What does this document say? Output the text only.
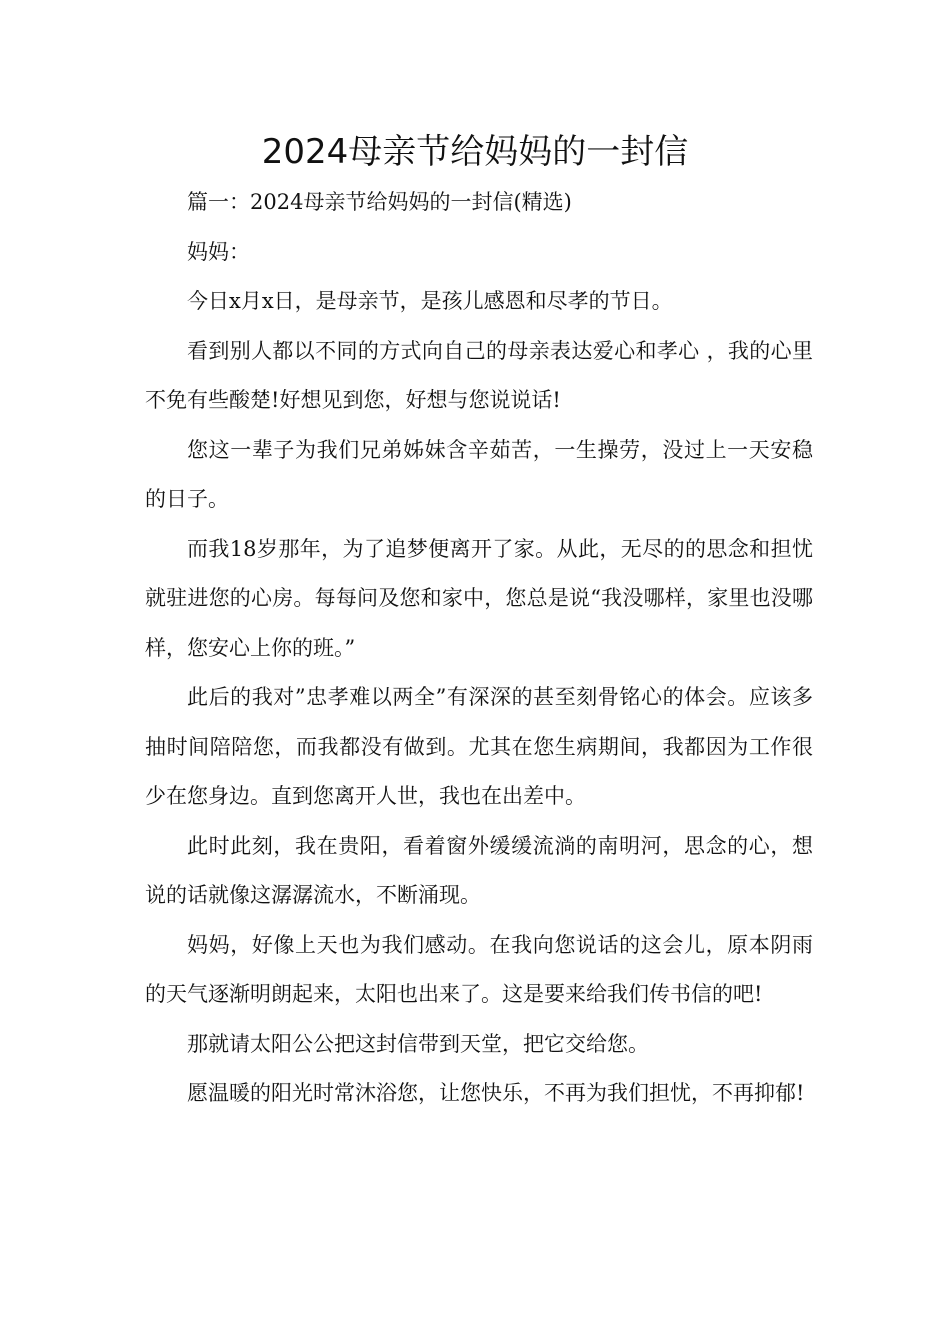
2024母亲节给妈妈的一封信

篇一：2024母亲节给妈妈的一封信(精选)

妈妈：

今日x月x日，是母亲节，是孩儿感恩和尽孝的节日。

看到别人都以不同的方式向自己的母亲表达爱心和孝心 ，我的心里不免有些酸楚!好想见到您，好想与您说说话!

您这一辈子为我们兄弟姊妹含辛茹苦，一生操劳，没过上一天安稳的日子。

而我18岁那年，为了追梦便离开了家。从此，无尽的的思念和担忧就驻进您的心房。每每问及您和家中，您总是说“我没哪样，家里也没哪样，您安心上你的班。”

此后的我对”忠孝难以两全”有深深的甚至刻骨铭心的体会。应该多抽时间陪陪您，而我都没有做到。尤其在您生病期间，我都因为工作很少在您身边。直到您离开人世，我也在出差中。

此时此刻，我在贵阳，看着窗外缓缓流淌的南明河，思念的心，想说的话就像这潺潺流水，不断涌现。

妈妈，好像上天也为我们感动。在我向您说话的这会儿，原本阴雨的天气逐渐明朗起来，太阳也出来了。这是要来给我们传书信的吧!

那就请太阳公公把这封信带到天堂，把它交给您。

愿温暖的阳光时常沐浴您，让您快乐，不再为我们担忧，不再抑郁!
